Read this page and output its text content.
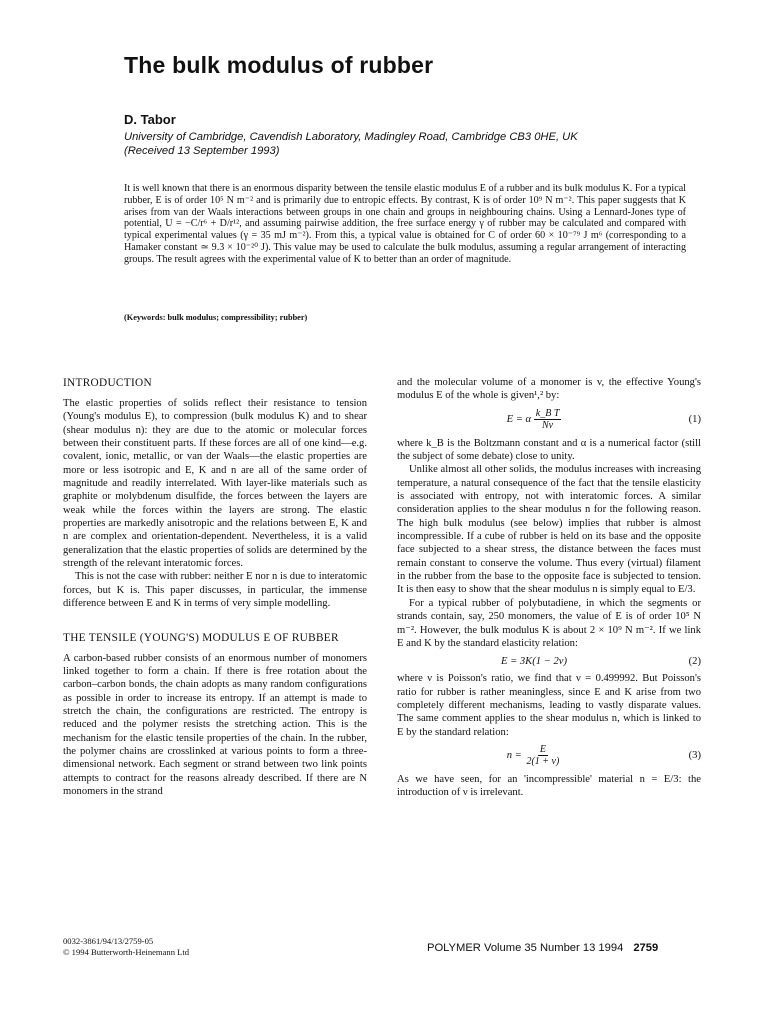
The bulk modulus of rubber
D. Tabor
University of Cambridge, Cavendish Laboratory, Madingley Road, Cambridge CB3 0HE, UK
(Received 13 September 1993)

It is well known that there is an enormous disparity between the tensile elastic modulus E of a rubber and its bulk modulus K. For a typical rubber, E is of order 10⁵ N m⁻² and is primarily due to entropic effects. By contrast, K is of order 10⁹ N m⁻². This paper suggests that K arises from van der Waals interactions between groups in one chain and groups in neighbouring chains. Using a Lennard-Jones type of potential, U = −C/r⁶ + D/r¹², and assuming pairwise addition, the free surface energy γ of rubber may be calculated and compared with typical experimental values (γ = 35 mJ m⁻²). From this, a typical value is obtained for C of order 60 × 10⁻⁷⁹ J m⁶ (corresponding to a Hamaker constant ≃ 9.3 × 10⁻²⁰ J). This value may be used to calculate the bulk modulus, assuming a regular arrangement of interacting groups. The result agrees with the experimental value of K to better than an order of magnitude.

(Keywords: bulk modulus; compressibility; rubber)
INTRODUCTION

The elastic properties of solids reflect their resistance to tension (Young's modulus E), to compression (bulk modulus K) and to shear (shear modulus n): they are due to the atomic or molecular forces between their constituent parts. If these forces are all of one kind—e.g. covalent, ionic, metallic, or van der Waals—the elastic properties are more or less isotropic and E, K and n are all of the same order of magnitude and readily interrelated. With layer-like materials such as graphite or molybdenum disulfide, the forces between the layers are weak while the forces within the layers are strong. The elastic properties are markedly anisotropic and the relations between E, K and n are complex and orientation-dependent. Nevertheless, it is a valid generalization that the elastic properties of solids are determined by the strength of the relevant interatomic forces.

This is not the case with rubber: neither E nor n is due to interatomic forces, but K is. This paper discusses, in particular, the immense difference between E and K in terms of very simple modelling.

THE TENSILE (YOUNG'S) MODULUS E OF RUBBER

A carbon-based rubber consists of an enormous number of monomers linked together to form a chain. If there is free rotation about the carbon–carbon bonds, the chain adopts as many random configurations as possible in order to increase its entropy. If an attempt is made to stretch the chain, the configurations are restricted. The entropy is reduced and the polymer resists the stretching action. This is the mechanism for the elastic tensile properties of the chain. In the rubber, the polymer chains are crosslinked at various points to form a three-dimensional network. Each segment or strand between two link points attempts to contract for the reasons already described. If there are N monomers in the strand

and the molecular volume of a monomer is v, the effective Young's modulus E of the whole is given¹,² by:

E = α $\frac{\text{k\_B T}}{Nv}$	(1)

where k_B is the Boltzmann constant and α is a numerical factor (still the subject of some debate) close to unity.

Unlike almost all other solids, the modulus increases with increasing temperature, a natural consequence of the fact that the tensile elasticity is associated with entropy, not with interatomic forces. A similar consideration applies to the shear modulus n for the following reason. The high bulk modulus (see below) implies that rubber is almost incompressible. If a cube of rubber is held on its base and the opposite face subjected to a shear stress, the distance between the faces must remain constant to conserve the volume. Thus every (virtual) filament in the rubber from the base to the opposite face is subjected to tension. It is then easy to show that the shear modulus n is simply equal to E/3.

For a typical rubber of polybutadiene, in which the segments or strands contain, say, 250 monomers, the value of E is of order 10⁵ N m⁻². However, the bulk modulus K is about 2 × 10⁹ N m⁻². If we link E and K by the standard elasticity relation:

E = 3K(1 − 2ν)	(2)

where ν is Poisson's ratio, we find that ν = 0.499992. But Poisson's ratio for rubber is rather meaningless, since E and K arise from two completely different mechanisms, leading to vastly disparate values. The same comment applies to the shear modulus n, which is linked to E by the standard relation:

$n = \frac{E}{2(1 + \nu)}$	(3)

As we have seen, for an 'incompressible' material n = E/3: the introduction of ν is irrelevant.

0032-3861/94/13/2759-05
© 1994 Butterworth-Heinemann Ltd	POLYMER Volume 35 Number 13 1994 2759
